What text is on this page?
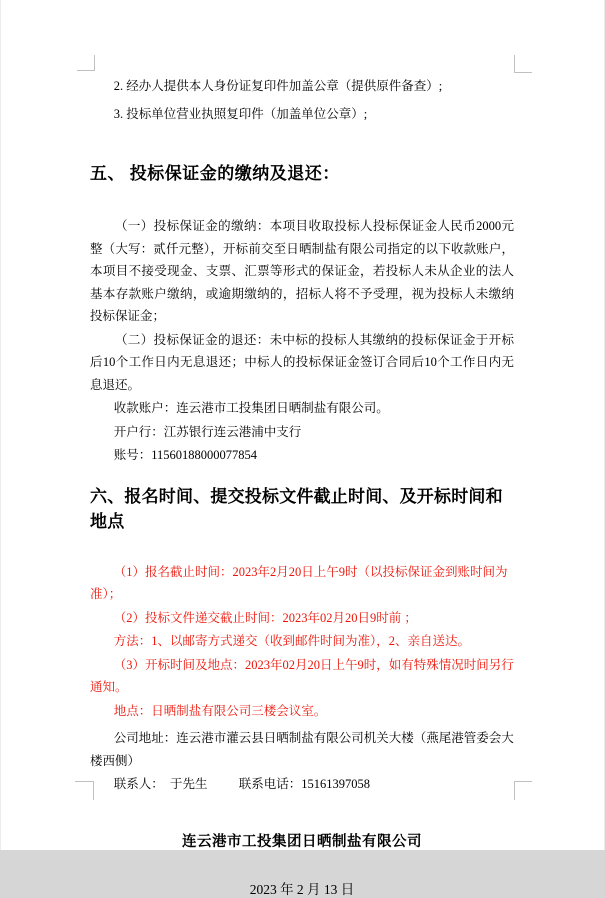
2. 经办人提供本人身份证复印件加盖公章（提供原件备查）;

3. 投标单位营业执照复印件（加盖单位公章）;

五、 投标保证金的缴纳及退还：

（一）投标保证金的缴纳：本项目收取投标人投标保证金人民币2000元整（大写：贰仟元整），开标前交至日晒制盐有限公司指定的以下收款账户，本项目不接受现金、支票、汇票等形式的保证金，若投标人未从企业的法人基本存款账户缴纳，或逾期缴纳的，招标人将不予受理，视为投标人未缴纳投标保证金；

（二）投标保证金的退还：未中标的投标人其缴纳的投标保证金于开标后10个工作日内无息退还；中标人的投标保证金签订合同后10个工作日内无息退还。

收款账户：连云港市工投集团日晒制盐有限公司。

开户行：江苏银行连云港浦中支行

账号：11560188000077854

六、报名时间、提交投标文件截止时间、及开标时间和地点

（1）报名截止时间：2023年2月20日上午9时（以投标保证金到账时间为准）；

（2）投标文件递交截止时间：2023年02月20日9时前 ；

方法：1、以邮寄方式递交（收到邮件时间为准），2、亲自送达。

（3）开标时间及地点：2023年02月20日上午9时，如有特殊情况时间另行通知。

地点：日晒制盐有限公司三楼会议室。

公司地址：连云港市灌云县日晒制盐有限公司机关大楼（燕尾港管委会大楼西侧）

联系人：  于先生          联系电话：15161397058

连云港市工投集团日晒制盐有限公司

2023 年 2 月 13 日
